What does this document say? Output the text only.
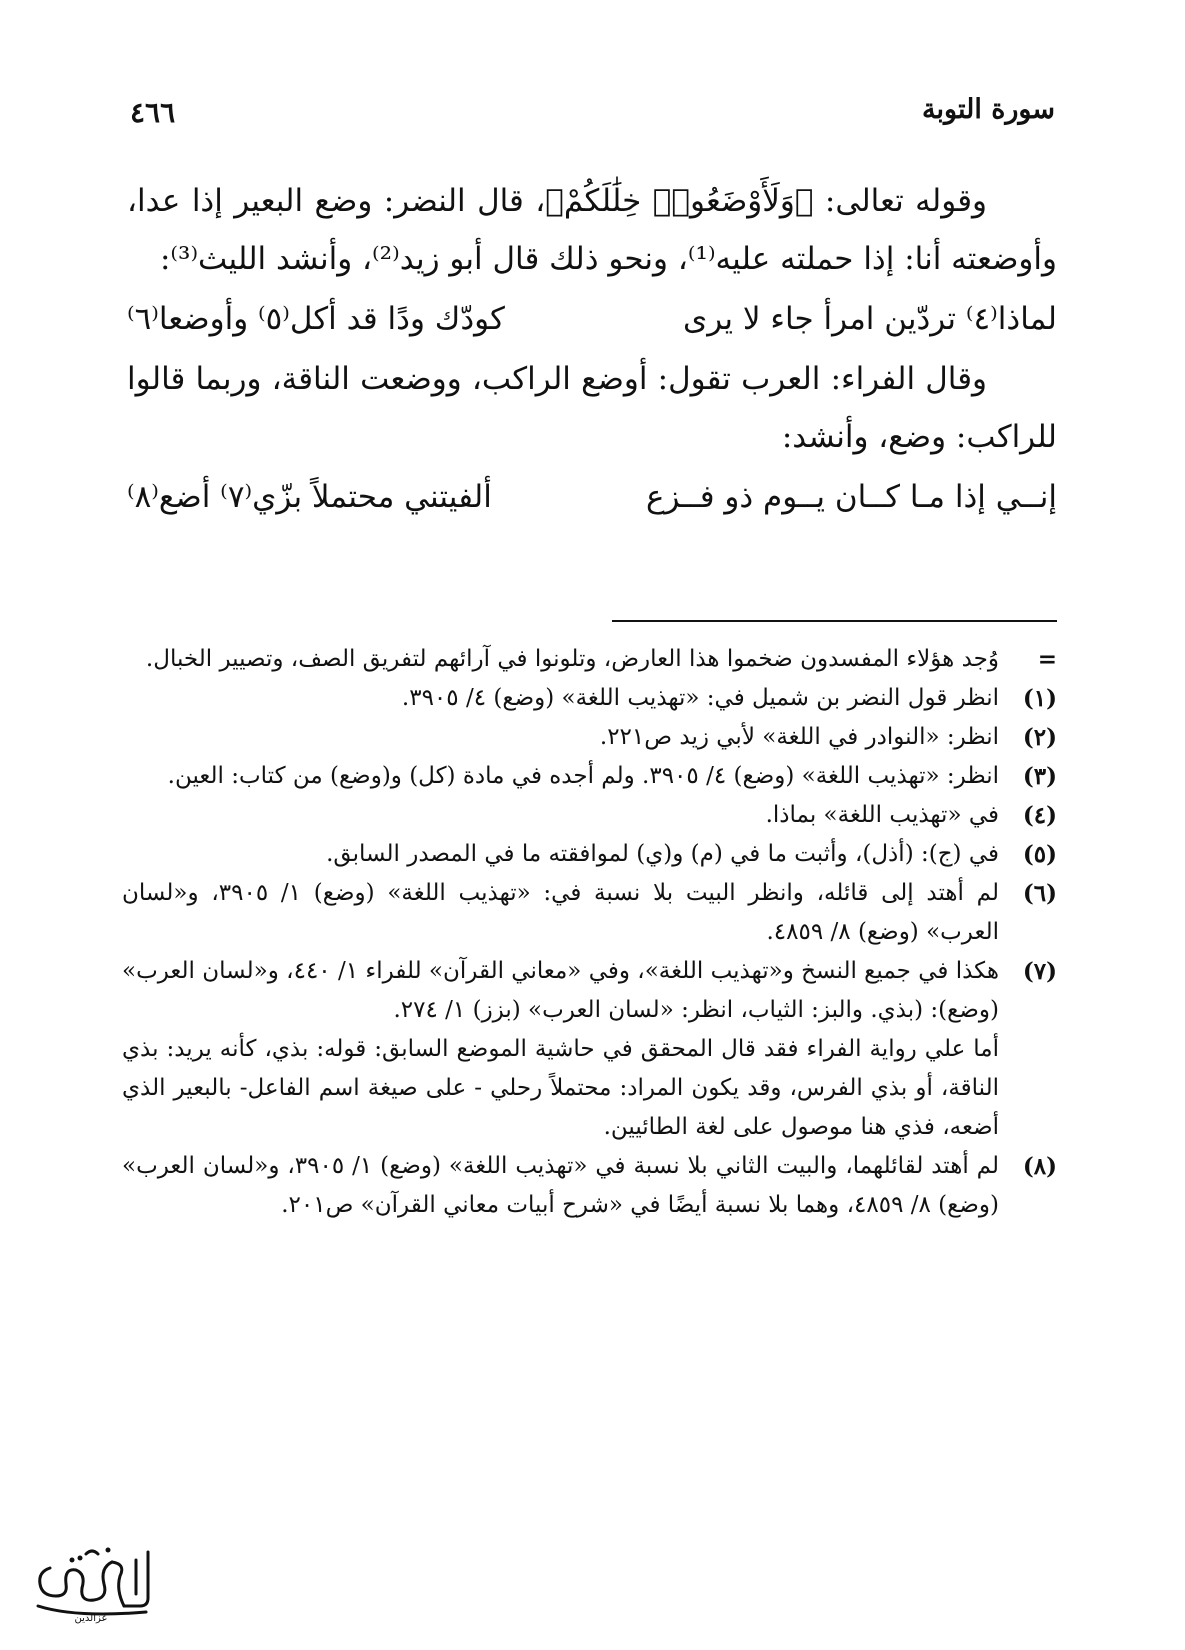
سورة التوبة
٤٦٦

وقوله تعالى: ﴿وَلَأَوْضَعُوا۟ خِلَٰلَكُمْ﴾، قال النضر: وضع البعير إذا عدا، وأوضعته أنا: إذا حملته عليه⁽¹⁾، ونحو ذلك قال أبو زيد⁽²⁾، وأنشد الليث⁽³⁾:

لماذا⁽٤⁾ تردّين امرأ جاء لا يرى
كودّك ودًا قد أكل⁽٥⁾ وأوضعا⁽٦⁾

وقال الفراء: العرب تقول: أوضع الراكب، ووضعت الناقة، وربما قالوا للراكب: وضع، وأنشد:

إنــي إذا مـا كــان يــوم ذو فــزع
ألفيتني محتملاً بزّي⁽٧⁾ أضع⁽٨⁾

=
وُجد هؤلاء المفسدون ضخموا هذا العارض، وتلونوا في آرائهم لتفريق الصف، وتصيير الخبال.

(١)
انظر قول النضر بن شميل في: «تهذيب اللغة» (وضع) ٤/ ٣٩٠٥.

(٢)
انظر: «النوادر في اللغة» لأبي زيد ص٢٢١.

(٣)
انظر: «تهذيب اللغة» (وضع) ٤/ ٣٩٠٥. ولم أجده في مادة (كل) و(وضع) من كتاب: العين.

(٤)
في «تهذيب اللغة» بماذا.

(٥)
في (ج): (أذل)، وأثبت ما في (م) و(ي) لموافقته ما في المصدر السابق.

(٦)
لم أهتد إلى قائله، وانظر البيت بلا نسبة في: «تهذيب اللغة» (وضع) ١/ ٣٩٠٥، و«لسان العرب» (وضع) ٨/ ٤٨٥٩.

(٧)
هكذا في جميع النسخ و«تهذيب اللغة»، وفي «معاني القرآن» للفراء ١/ ٤٤٠، و«لسان العرب» (وضع): (بذي. والبز: الثياب، انظر: «لسان العرب» (بزز) ١/ ٢٧٤.
أما علي رواية الفراء فقد قال المحقق في حاشية الموضع السابق: قوله: بذي، كأنه يريد: بذي الناقة، أو بذي الفرس، وقد يكون المراد: محتملاً رحلي - على صيغة اسم الفاعل- بالبعير الذي أضعه، فذي هنا موصول على لغة الطائيين.

(٨)
لم أهتد لقائلهما، والبيت الثاني بلا نسبة في «تهذيب اللغة» (وضع) ١/ ٣٩٠٥، و«لسان العرب» (وضع) ٨/ ٤٨٥٩، وهما بلا نسبة أيضًا في «شرح أبيات معاني القرآن» ص٢٠١.

عزالدين
